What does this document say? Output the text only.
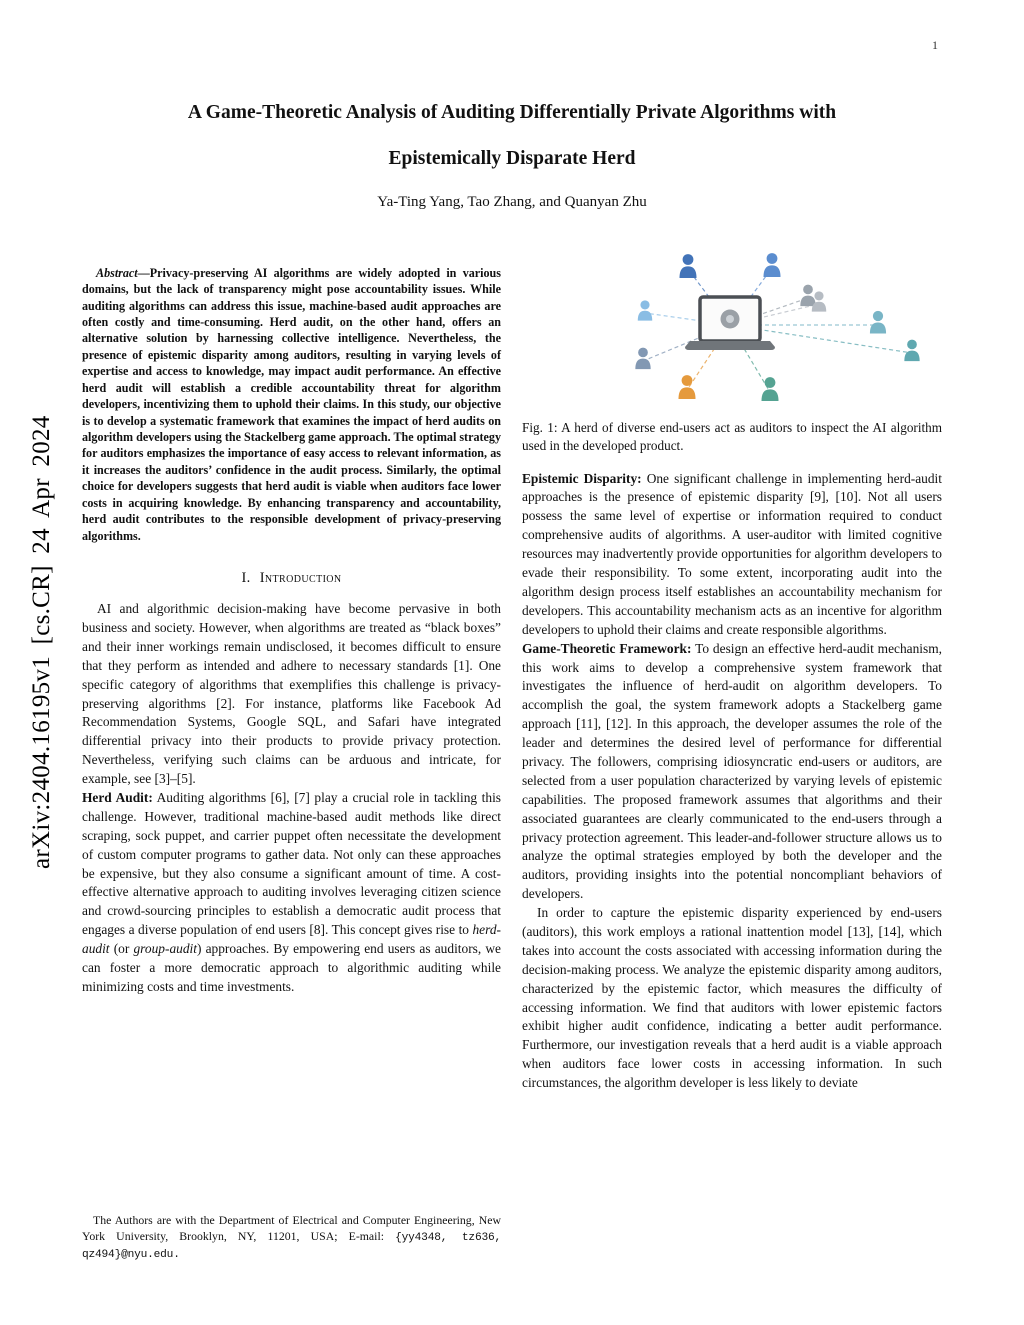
1
arXiv:2404.16195v1 [cs.CR] 24 Apr 2024
A Game-Theoretic Analysis of Auditing Differentially Private Algorithms with
Epistemically Disparate Herd
Ya-Ting Yang, Tao Zhang, and Quanyan Zhu

Abstract—Privacy-preserving AI algorithms are widely adopted in various domains, but the lack of transparency might pose accountability issues. While auditing algorithms can address this issue, machine-based audit approaches are often costly and time-consuming. Herd audit, on the other hand, offers an alternative solution by harnessing collective intelligence. Nevertheless, the presence of epistemic disparity among auditors, resulting in varying levels of expertise and access to knowledge, may impact audit performance. An effective herd audit will establish a credible accountability threat for algorithm developers, incentivizing them to uphold their claims. In this study, our objective is to develop a systematic framework that examines the impact of herd audits on algorithm developers using the Stackelberg game approach. The optimal strategy for auditors emphasizes the importance of easy access to relevant information, as it increases the auditors’ confidence in the audit process. Similarly, the optimal choice for developers suggests that herd audit is viable when auditors face lower costs in acquiring knowledge. By enhancing transparency and accountability, herd audit contributes to the responsible development of privacy-preserving algorithms.

I. Introduction

AI and algorithmic decision-making have become pervasive in both business and society. However, when algorithms are treated as “black boxes” and their inner workings remain undisclosed, it becomes difficult to ensure that they perform as intended and adhere to necessary standards [1]. One specific category of algorithms that exemplifies this challenge is privacy-preserving algorithms [2]. For instance, platforms like Facebook Ad Recommendation Systems, Google SQL, and Safari have integrated differential privacy into their products to provide privacy protection. Nevertheless, verifying such claims can be arduous and intricate, for example, see [3]–[5].

Herd Audit: Auditing algorithms [6], [7] play a crucial role in tackling this challenge. However, traditional machine-based audit methods like direct scraping, sock puppet, and carrier puppet often necessitate the development of custom computer programs to gather data. Not only can these approaches be expensive, but they also consume a significant amount of time. A cost-effective alternative approach to auditing involves leveraging citizen science and crowd-sourcing principles to establish a democratic audit process that engages a diverse population of end users [8]. This concept gives rise to herd-audit (or group-audit) approaches. By empowering end users as auditors, we can foster a more democratic approach to algorithmic auditing while minimizing costs and time investments.

The Authors are with the Department of Electrical and Computer Engineering, New York University, Brooklyn, NY, 11201, USA; E-mail: {yy4348, tz636, qz494}@nyu.edu.
Fig. 1: A herd of diverse end-users act as auditors to inspect the AI algorithm used in the developed product.

Epistemic Disparity: One significant challenge in implementing herd-audit approaches is the presence of epistemic disparity [9], [10]. Not all users possess the same level of expertise or information required to conduct comprehensive audits of algorithms. A user-auditor with limited cognitive resources may inadvertently provide opportunities for algorithm developers to evade their responsibility. To some extent, incorporating audit into the algorithm design process itself establishes an accountability mechanism for developers. This accountability mechanism acts as an incentive for algorithm developers to uphold their claims and create responsible algorithms.

Game-Theoretic Framework: To design an effective herd-audit mechanism, this work aims to develop a comprehensive system framework that investigates the influence of herd-audit on algorithm developers. To accomplish the goal, the system framework adopts a Stackelberg game approach [11], [12]. In this approach, the developer assumes the role of the leader and determines the desired level of performance for differential privacy. The followers, comprising idiosyncratic end-users or auditors, are selected from a user population characterized by varying levels of epistemic capabilities. The proposed framework assumes that algorithms and their associated guarantees are clearly communicated to the end-users through a privacy protection agreement. This leader-and-follower structure allows us to analyze the optimal strategies employed by both the developer and the auditors, providing insights into the potential noncompliant behaviors of developers.

In order to capture the epistemic disparity experienced by end-users (auditors), this work employs a rational inattention model [13], [14], which takes into account the costs associated with accessing information during the decision-making process. We analyze the epistemic disparity among auditors, characterized by the epistemic factor, which measures the difficulty of accessing information. We find that auditors with lower epistemic factors exhibit higher audit confidence, indicating a better audit performance. Furthermore, our investigation reveals that a herd audit is a viable approach when auditors face lower costs in accessing information. In such circumstances, the algorithm developer is less likely to deviate
